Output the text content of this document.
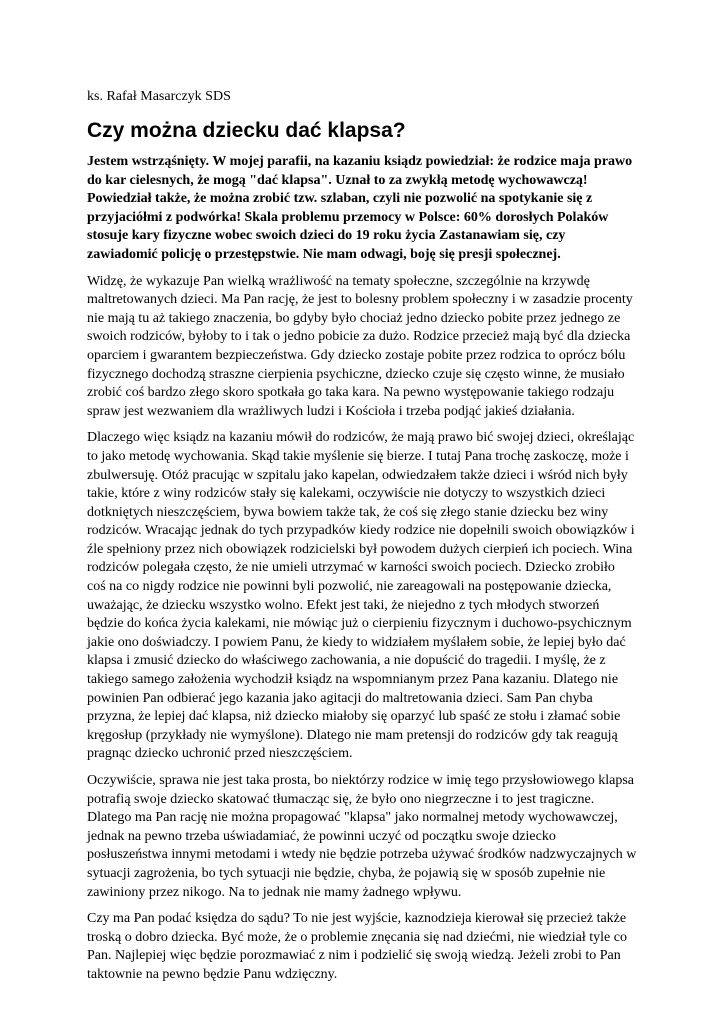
ks. Rafał Masarczyk SDS

Czy można dziecku dać klapsa?

Jestem wstrząśnięty. W mojej parafii, na kazaniu ksiądz powiedział: że rodzice maja prawo do kar cielesnych, że mogą "dać klapsa". Uznał to za zwykłą metodę wychowawczą! Powiedział także, że można zrobić tzw. szlaban, czyli nie pozwolić na spotykanie się z przyjaciółmi z podwórka! Skala problemu przemocy w Polsce: 60% dorosłych Polaków stosuje kary fizyczne wobec swoich dzieci do 19 roku życia Zastanawiam się, czy zawiadomić policję o przestępstwie. Nie mam odwagi, boję się presji społecznej.

Widzę, że wykazuje Pan wielką wrażliwość na tematy społeczne, szczególnie na krzywdę maltretowanych dzieci. Ma Pan rację, że jest to bolesny problem społeczny i w zasadzie procenty nie mają tu aż takiego znaczenia, bo gdyby było chociaż jedno dziecko pobite przez jednego ze swoich rodziców, byłoby to i tak o jedno pobicie za dużo. Rodzice przecież mają być dla dziecka oparciem i gwarantem bezpieczeństwa. Gdy dziecko zostaje pobite przez rodzica to oprócz bólu fizycznego dochodzą straszne cierpienia psychiczne, dziecko czuje się często winne, że musiało zrobić coś bardzo złego skoro spotkała go taka kara. Na pewno występowanie takiego rodzaju spraw jest wezwaniem dla wrażliwych ludzi i Kościoła i trzeba podjąć jakieś działania.

Dlaczego więc ksiądz na kazaniu mówił do rodziców, że mają prawo bić swojej dzieci, określając to jako metodę wychowania. Skąd takie myślenie się bierze. I tutaj Pana trochę zaskoczę, może i zbulwersuję. Otóż pracując w szpitalu jako kapelan, odwiedzałem także dzieci i wśród nich były takie, które z winy rodziców stały się kalekami, oczywiście nie dotyczy to wszystkich dzieci dotkniętych nieszczęściem, bywa bowiem także tak, że coś się złego stanie dziecku bez winy rodziców. Wracając jednak do tych przypadków kiedy rodzice nie dopełnili swoich obowiązków i źle spełniony przez nich obowiązek rodzicielski był powodem dużych cierpień ich pociech. Wina rodziców polegała często, że nie umieli utrzymać w karności swoich pociech. Dziecko zrobiło coś na co nigdy rodzice nie powinni byli pozwolić, nie zareagowali na postępowanie dziecka, uważając, że dziecku wszystko wolno. Efekt jest taki, że niejedno z tych młodych stworzeń będzie do końca życia kalekami, nie mówiąc już o cierpieniu fizycznym i duchowo-psychicznym jakie ono doświadczy. I powiem Panu, że kiedy to widziałem myślałem sobie, że lepiej było dać klapsa i zmusić dziecko do właściwego zachowania, a nie dopuścić do tragedii. I myślę, że z takiego samego założenia wychodził ksiądz na wspomnianym przez Pana kazaniu. Dlatego nie powinien Pan odbierać jego kazania jako agitacji do maltretowania dzieci. Sam Pan chyba przyzna, że lepiej dać klapsa, niż dziecko miałoby się oparzyć lub spaść ze stołu i złamać sobie kręgosłup (przykłady nie wymyślone). Dlatego nie mam pretensji do rodziców gdy tak reagują pragnąc dziecko uchronić przed nieszczęściem.

Oczywiście, sprawa nie jest taka prosta, bo niektórzy rodzice w imię tego przysłowiowego klapsa potrafią swoje dziecko skatować tłumacząc się, że było ono niegrzeczne i to jest tragiczne. Dlatego ma Pan rację nie można propagować "klapsa" jako normalnej metody wychowawczej, jednak na pewno trzeba uświadamiać, że powinni uczyć od początku swoje dziecko posłuszeństwa innymi metodami i wtedy nie będzie potrzeba używać środków nadzwyczajnych w sytuacji zagrożenia, bo tych sytuacji nie będzie, chyba, że pojawią się w sposób zupełnie nie zawiniony przez nikogo. Na to jednak nie mamy żadnego wpływu.

Czy ma Pan podać księdza do sądu? To nie jest wyjście, kaznodzieja kierował się przecież także troską o dobro dziecka. Być może, że o problemie znęcania się nad dziećmi, nie wiedział tyle co Pan. Najlepiej więc będzie porozmawiać z nim i podzielić się swoją wiedzą. Jeżeli zrobi to Pan taktownie na pewno będzie Panu wdzięczny.
